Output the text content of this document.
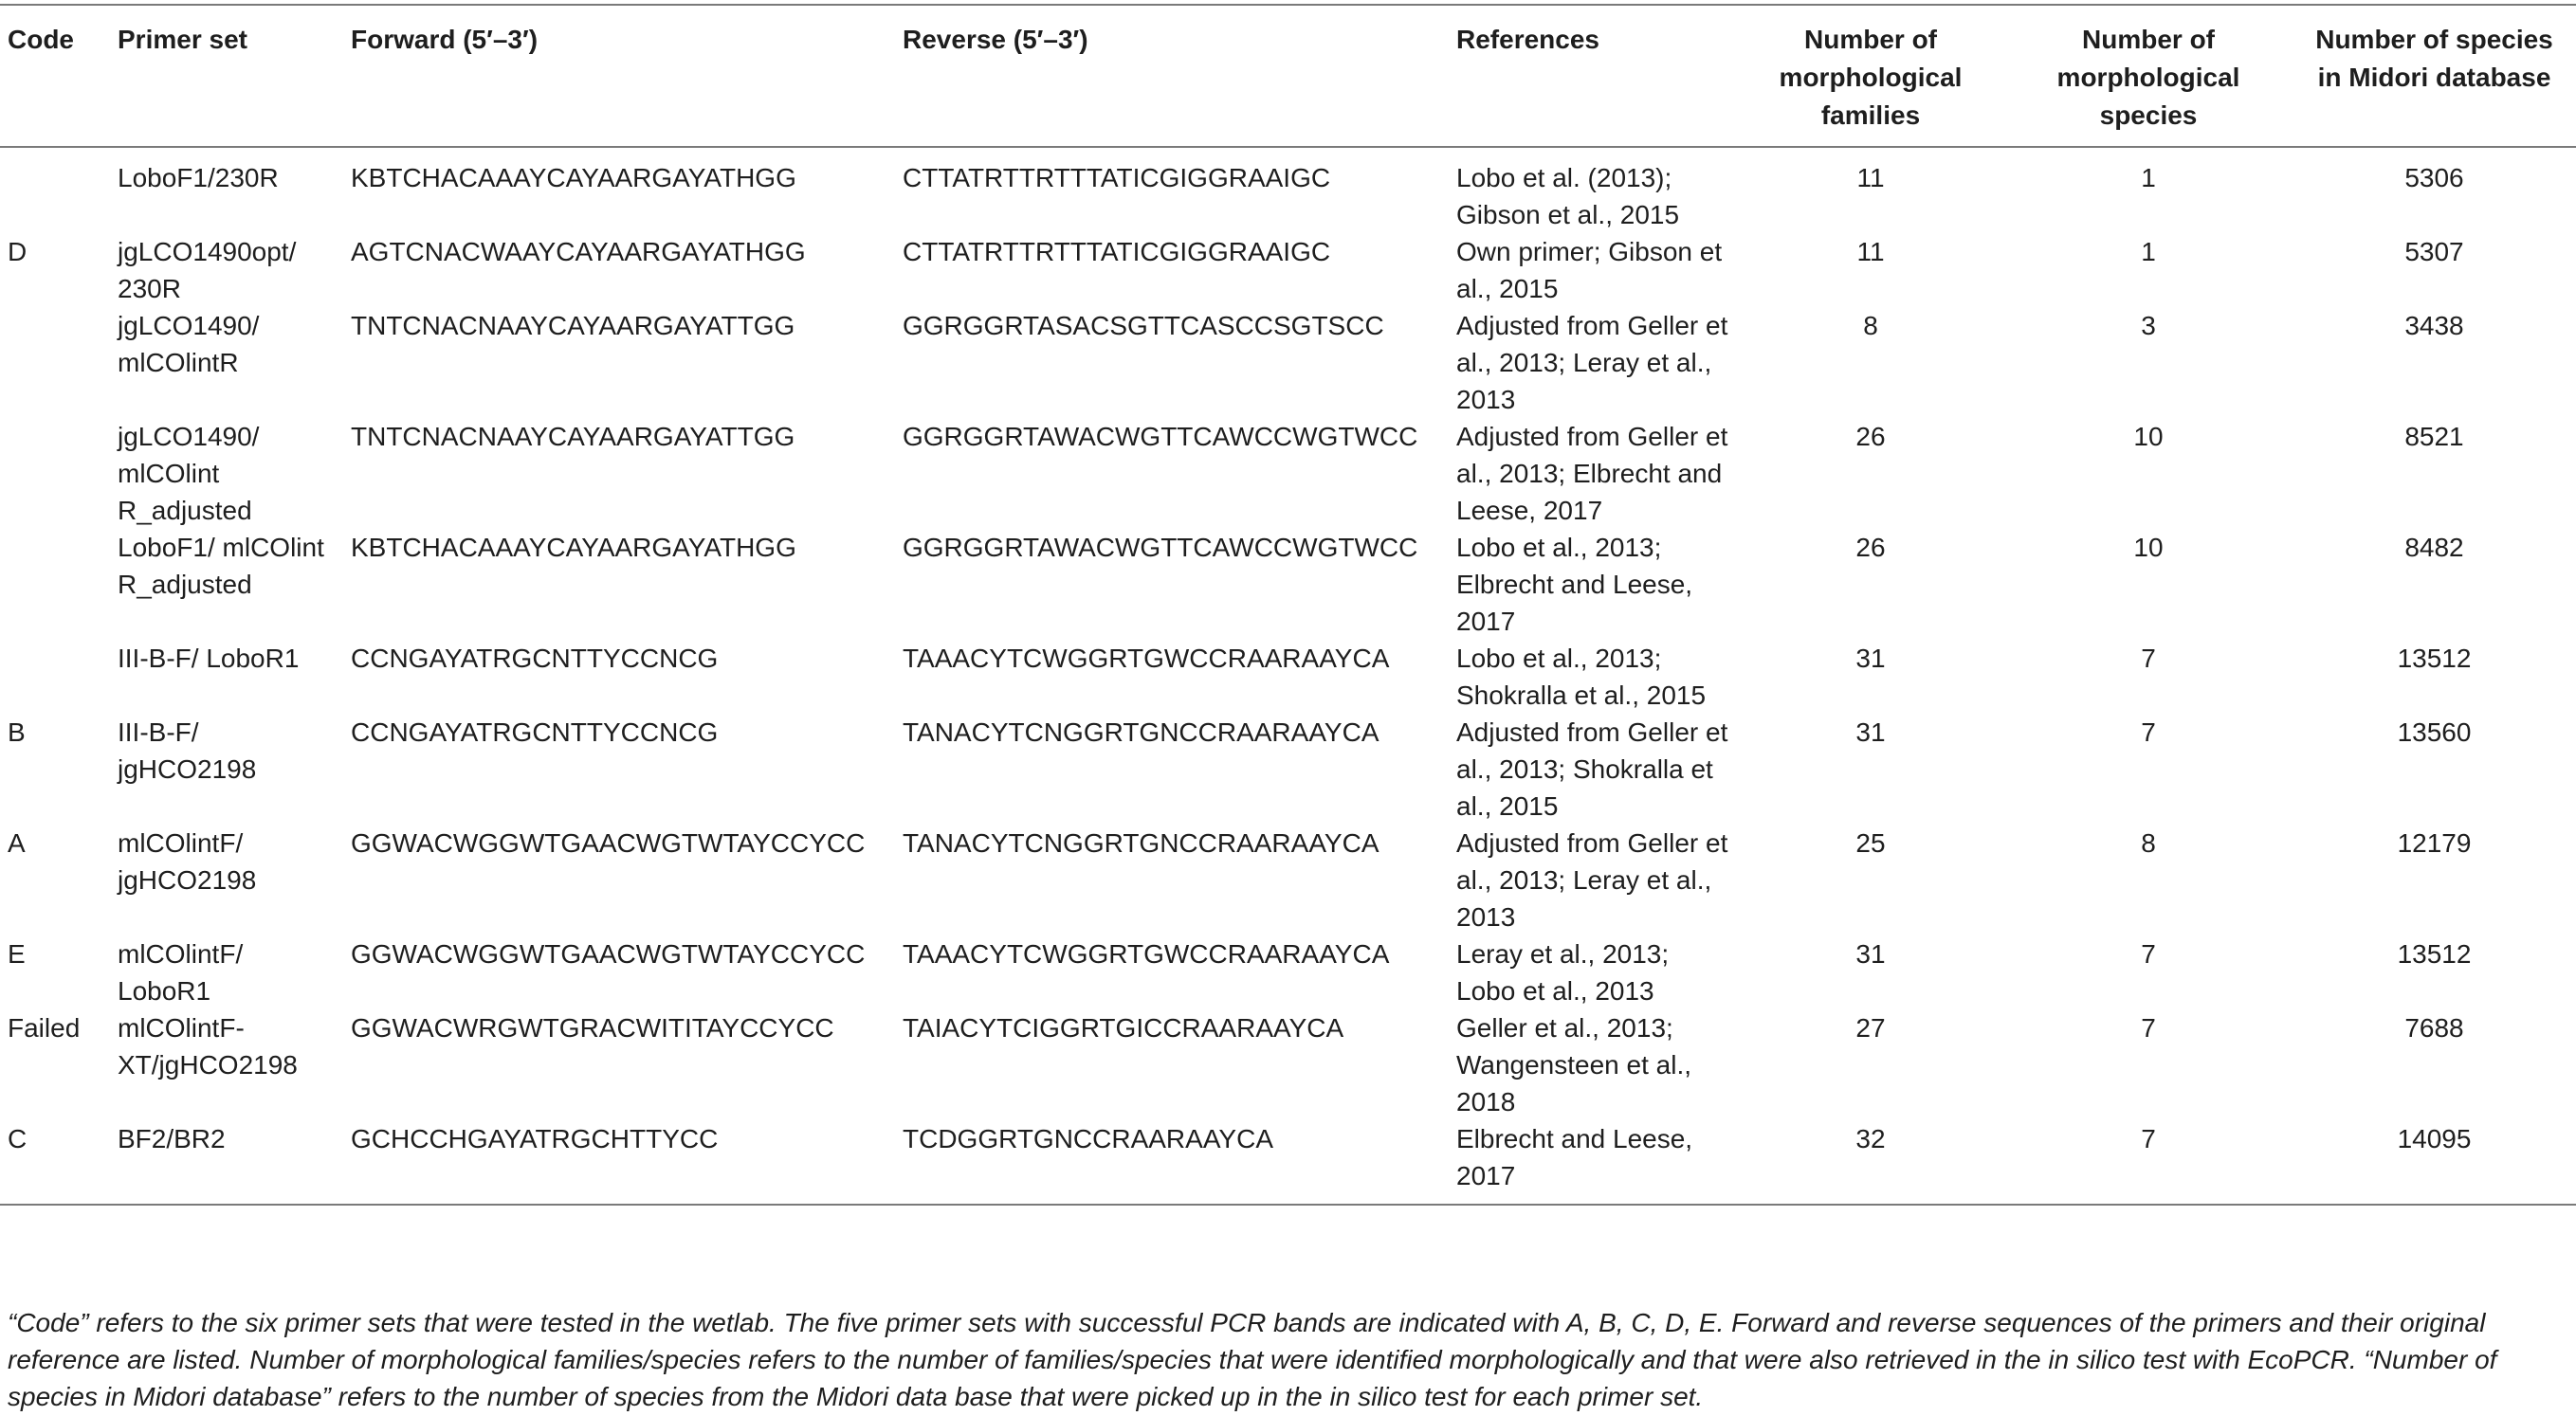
Code	Primer set	Forward (5′–3′)	Reverse (5′–3′)	References	Number of morphological families	Number of morphological species	Number of species in Midori database
	LoboF1/230R	KBTCHACAAAYCAYAARGAYATHGG	CTTATRTTRTTTATICGIGGRAAIGC	Lobo et al. (2013); Gibson et al., 2015	11	1	5306
D	jgLCO1490opt/ 230R	AGTCNACWAAYCAYAARGAYATHGG	CTTATRTTRTTTATICGIGGRAAIGC	Own primer; Gibson et al., 2015	11	1	5307
	jgLCO1490/ mlCOlintR	TNTCNACNAAYCAYAARGAYATTGG	GGRGGRTASACSGTTCASCCSGTSCC	Adjusted from Geller et al., 2013; Leray et al., 2013	8	3	3438
	jgLCO1490/ mlCOlint R_adjusted	TNTCNACNAAYCAYAARGAYATTGG	GGRGGRTAWACWGTTCAWCCWGTWCC	Adjusted from Geller et al., 2013; Elbrecht and Leese, 2017	26	10	8521
	LoboF1/ mlCOlint R_adjusted	KBTCHACAAAYCAYAARGAYATHGG	GGRGGRTAWACWGTTCAWCCWGTWCC	Lobo et al., 2013; Elbrecht and Leese, 2017	26	10	8482
	III-B-F/ LoboR1	CCNGAYATRGCNTTYCCNCG	TAAACYTCWGGRTGWCCRAARAAYCA	Lobo et al., 2013; Shokralla et al., 2015	31	7	13512
B	III-B-F/ jgHCO2198	CCNGAYATRGCNTTYCCNCG	TANACYTCNGGRTGNCCRAARAAYCA	Adjusted from Geller et al., 2013; Shokralla et al., 2015	31	7	13560
A	mlCOlintF/ jgHCO2198	GGWACWGGWTGAACWGTWTAYCCYCC	TANACYTCNGGRTGNCCRAARAAYCA	Adjusted from Geller et al., 2013; Leray et al., 2013	25	8	12179
E	mlCOlintF/ LoboR1	GGWACWGGWTGAACWGTWTAYCCYCC	TAAACYTCWGGRTGWCCRAARAAYCA	Leray et al., 2013; Lobo et al., 2013	31	7	13512
Failed	mlCOlintF- XT/jgHCO2198	GGWACWRGWTGRACWITITAYCCYCC	TAIACYTCIGGRTGICCRAARAAYCA	Geller et al., 2013; Wangensteen et al., 2018	27	7	7688
C	BF2/BR2	GCHCCHGAYATRGCHTTYCC	TCDGGRTGNCCRAARAAYCA	Elbrecht and Leese, 2017	32	7	14095
“Code” refers to the six primer sets that were tested in the wetlab. The five primer sets with successful PCR bands are indicated with A, B, C, D, E. Forward and reverse sequences of the primers and their original reference are listed. Number of morphological families/species refers to the number of families/species that were identified morphologically and that were also retrieved in the in silico test with EcoPCR. “Number of species in Midori database” refers to the number of species from the Midori data base that were picked up in the in silico test for each primer set.
